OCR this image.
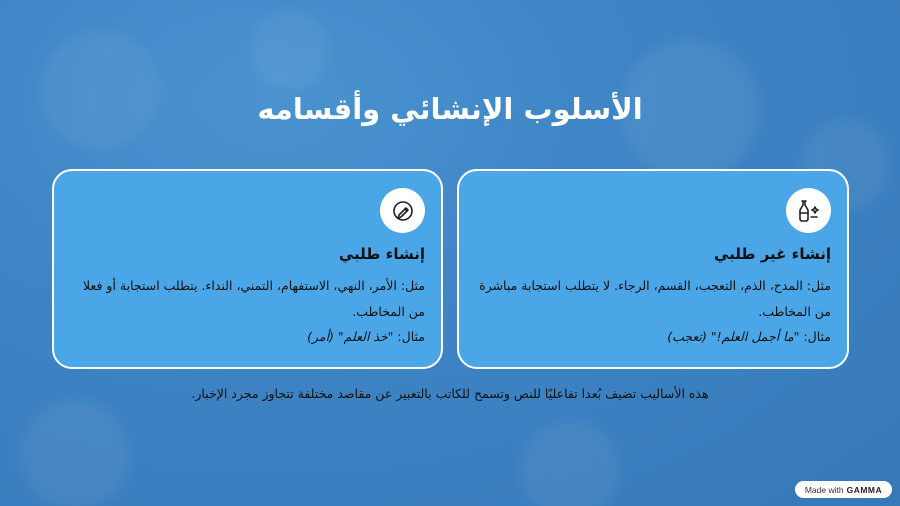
الأسلوب الإنشائي وأقسامه
إنشاء غير طلبي
مثل: المدح، الذم، التعجب، القسم، الرجاء. لا يتطلب استجابة مباشرة من المخاطب.
مثال: "ما أجمل العلم!" (تعجب)
إنشاء طلبي
مثل: الأمر، النهي، الاستفهام، التمني، النداء. يتطلب استجابة أو فعلا من المخاطب.
مثال: "خذ العلم" (أمر)

هذه الأساليب تضيف بُعدا تفاعليًا للنص وتسمح للكاتب بالتعبير عن مقاصد مختلفة تتجاوز مجرد الإخبار.

Made with GAMMA
